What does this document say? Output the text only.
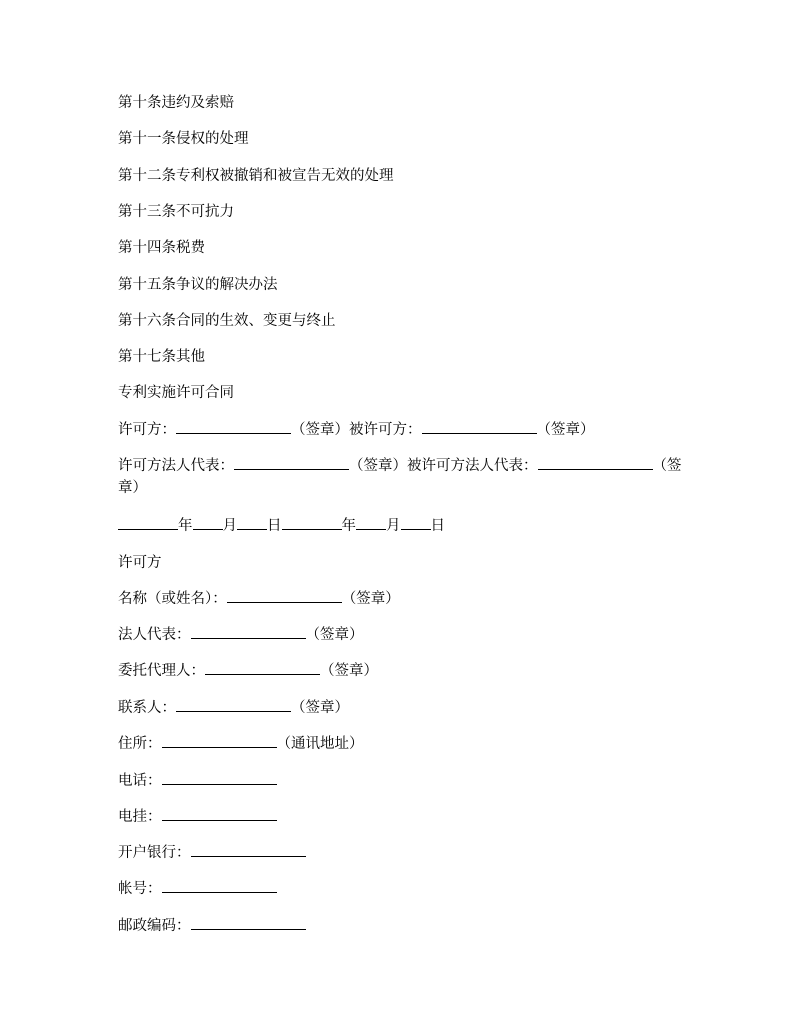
第十条违约及索赔
第十一条侵权的处理
第十二条专利权被撤销和被宣告无效的处理
第十三条不可抗力
第十四条税费
第十五条争议的解决办法
第十六条合同的生效、变更与终止
第十七条其他
专利实施许可合同
许可方：	（签章）被许可方：	（签章）
许可方法人代表：	（签章）被许可方法人代表：	（签章）
年 月 日	年 月 日
许可方
名称（或姓名）：	（签章）
法人代表：	（签章）
委托代理人：	（签章）
联系人：	（签章）
住所：	（通讯地址）
电话：
电挂：
开户银行：
帐号：
邮政编码：
